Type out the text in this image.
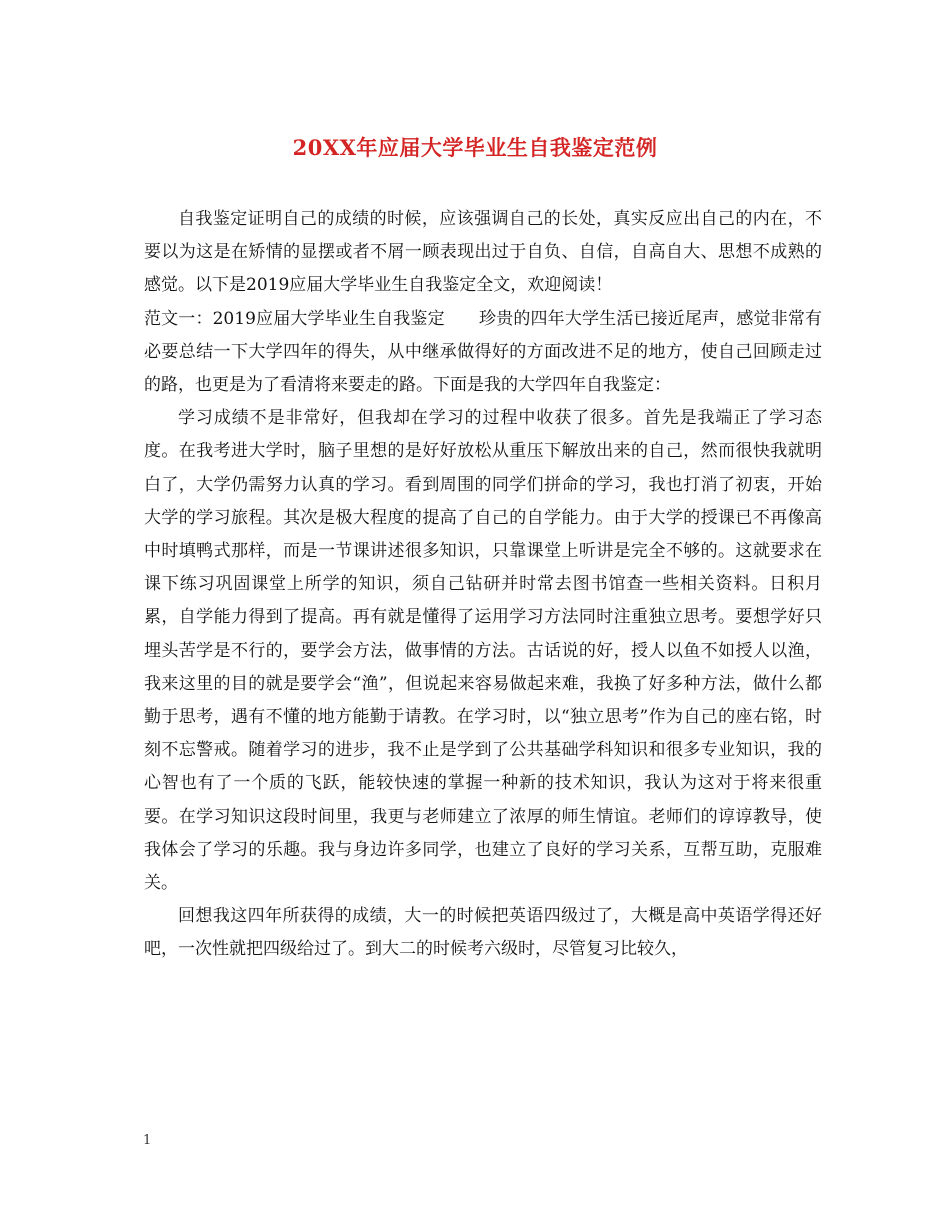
20XX年应届大学毕业生自我鉴定范例

自我鉴定证明自己的成绩的时候，应该强调自己的长处，真实反应出自己的内在，不要以为这是在矫情的显摆或者不屑一顾表现出过于自负、自信，自高自大、思想不成熟的感觉。以下是2019应届大学毕业生自我鉴定全文，欢迎阅读！

范文一：2019应届大学毕业生自我鉴定　　珍贵的四年大学生活已接近尾声，感觉非常有必要总结一下大学四年的得失，从中继承做得好的方面改进不足的地方，使自己回顾走过的路，也更是为了看清将来要走的路。下面是我的大学四年自我鉴定：

学习成绩不是非常好，但我却在学习的过程中收获了很多。首先是我端正了学习态度。在我考进大学时，脑子里想的是好好放松从重压下解放出来的自己，然而很快我就明白了，大学仍需努力认真的学习。看到周围的同学们拼命的学习，我也打消了初衷，开始大学的学习旅程。其次是极大程度的提高了自己的自学能力。由于大学的授课已不再像高中时填鸭式那样，而是一节课讲述很多知识，只靠课堂上听讲是完全不够的。这就要求在课下练习巩固课堂上所学的知识，须自己钻研并时常去图书馆查一些相关资料。日积月累，自学能力得到了提高。再有就是懂得了运用学习方法同时注重独立思考。要想学好只埋头苦学是不行的，要学会方法，做事情的方法。古话说的好，授人以鱼不如授人以渔，我来这里的目的就是要学会“渔”，但说起来容易做起来难，我换了好多种方法，做什么都勤于思考，遇有不懂的地方能勤于请教。在学习时，以“独立思考”作为自己的座右铭，时刻不忘警戒。随着学习的进步，我不止是学到了公共基础学科知识和很多专业知识，我的心智也有了一个质的飞跃，能较快速的掌握一种新的技术知识，我认为这对于将来很重要。在学习知识这段时间里，我更与老师建立了浓厚的师生情谊。老师们的谆谆教导，使我体会了学习的乐趣。我与身边许多同学，也建立了良好的学习关系，互帮互助，克服难关。

回想我这四年所获得的成绩，大一的时候把英语四级过了，大概是高中英语学得还好吧，一次性就把四级给过了。到大二的时候考六级时，尽管复习比较久，

1
